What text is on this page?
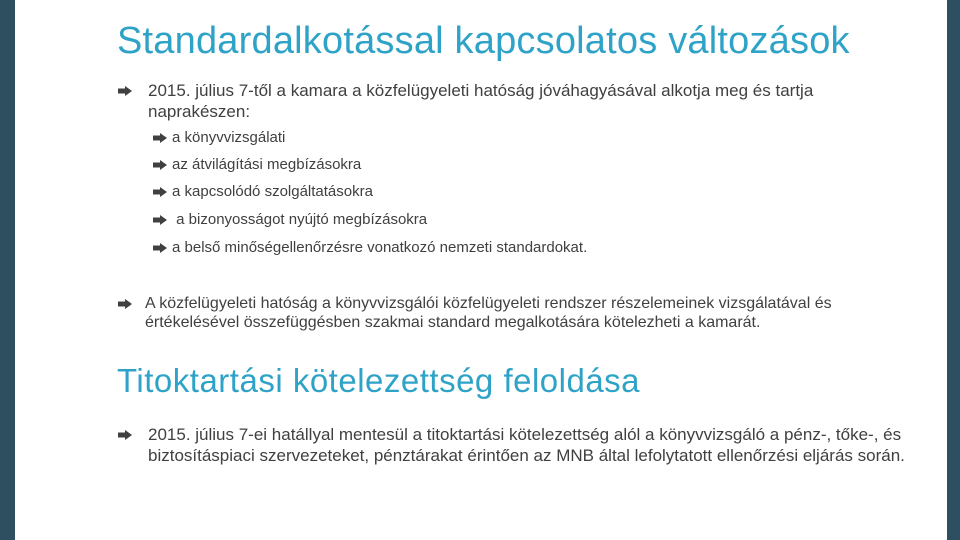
Standardalkotással kapcsolatos változások
2015. július 7-től a kamara a közfelügyeleti hatóság jóváhagyásával alkotja meg és tartja naprakészen:
a könyvvizsgálati
az átvilágítási megbízásokra
a kapcsolódó szolgáltatásokra
a bizonyosságot nyújtó megbízásokra
a belső minőségellenőrzésre vonatkozó nemzeti standardokat.
A közfelügyeleti hatóság a könyvvizsgálói közfelügyeleti rendszer részelemeinek vizsgálatával és értékelésével összefüggésben szakmai standard megalkotására kötelezheti a kamarát.
Titoktartási kötelezettség feloldása
2015. július 7-ei hatállyal mentesül a titoktartási kötelezettség alól a könyvvizsgáló a pénz-, tőke-, és biztosításpiaci szervezeteket, pénztárakat érintően az MNB által lefolytatott ellenőrzési eljárás során.
